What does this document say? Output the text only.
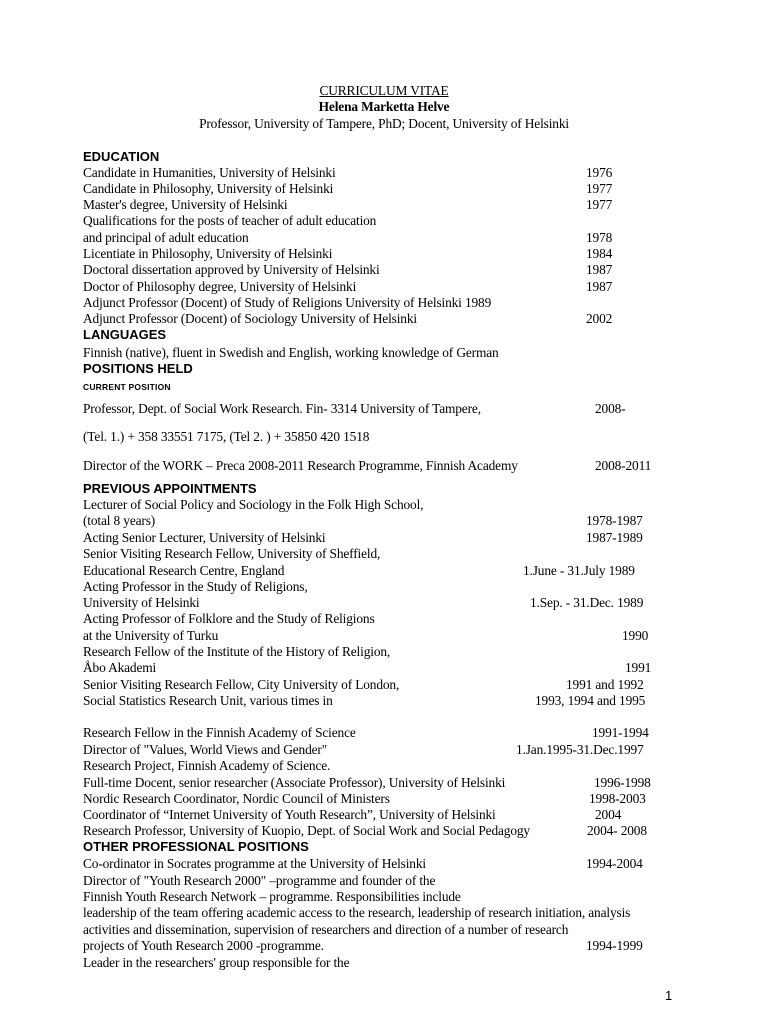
CURRICULUM VITAE
Helena Marketta Helve
Professor, University of Tampere, PhD; Docent, University of Helsinki
EDUCATION
Candidate in Humanities, University of Helsinki	1976
Candidate in Philosophy, University of Helsinki	1977
Master's degree, University of Helsinki	1977
Qualifications for the posts of teacher of adult education
and principal of adult education	1978
Licentiate in Philosophy, University of Helsinki	1984
Doctoral dissertation approved by University of Helsinki	1987
Doctor of Philosophy degree, University of Helsinki	1987
Adjunct Professor (Docent) of Study of Religions University of Helsinki 1989
Adjunct Professor (Docent) of Sociology University of Helsinki	2002
LANGUAGES
Finnish (native), fluent in Swedish and English, working knowledge of German
POSITIONS HELD
CURRENT POSITION
Professor, Dept. of Social Work Research. Fin- 3314 University of Tampere,	2008-
(Tel. 1.) + 358 33551 7175, (Tel 2. ) + 35850 420 1518
Director of the WORK – Preca 2008-2011 Research Programme, Finnish Academy	2008-2011
PREVIOUS APPOINTMENTS
Lecturer of Social Policy and Sociology in the Folk High School,
(total 8 years)	1978-1987
Acting Senior Lecturer, University of Helsinki	1987-1989
Senior Visiting Research Fellow, University of Sheffield,
Educational Research Centre, England	1.June - 31.July 1989
Acting Professor in the Study of Religions,
University of Helsinki	1.Sep. - 31.Dec. 1989
Acting Professor of Folklore and the Study of Religions
at the University of Turku	1990
Research Fellow of the Institute of the History of Religion,
Åbo Akademi	1991
Senior Visiting Research Fellow, City University of London,	1991 and 1992
Social Statistics Research Unit, various times in	1993, 1994 and 1995
Research Fellow in the Finnish Academy of Science	1991-1994
Director of "Values, World Views and Gender"	1.Jan.1995-31.Dec.1997
Research Project, Finnish Academy of Science.
Full-time Docent, senior researcher (Associate Professor), University of Helsinki	1996-1998
Nordic Research Coordinator, Nordic Council of Ministers	1998-2003
Coordinator of “Internet University of Youth Research”, University of Helsinki	2004
Research Professor, University of Kuopio, Dept. of Social Work and Social Pedagogy	2004- 2008
OTHER PROFESSIONAL POSITIONS
Co-ordinator in Socrates programme at the University of Helsinki	1994-2004
Director of "Youth Research 2000" –programme and founder of the
Finnish Youth Research Network – programme. Responsibilities include
leadership of the team offering academic access to the research, leadership of research initiation, analysis
activities and dissemination, supervision of researchers and direction of a number of research
projects of Youth Research 2000 -programme.	1994-1999
Leader in the researchers' group responsible for the
1
